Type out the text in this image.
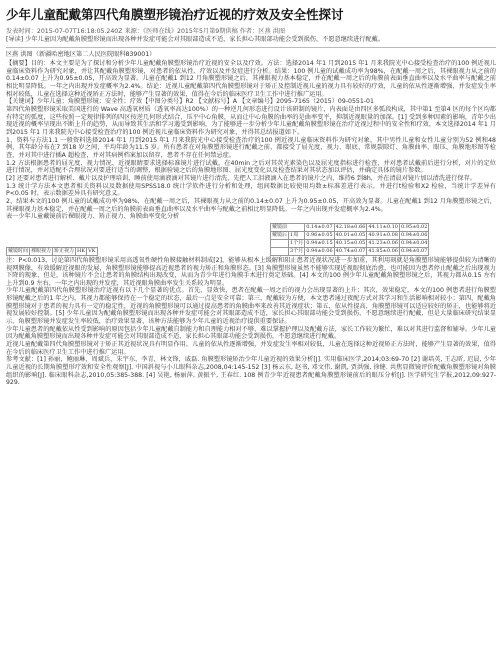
少年儿童配戴第四代角膜塑形镜治疗近视的疗效及安全性探讨

发表时间：2015-07-07T16:18:05.240Z 来源：《医师在线》2015年5月第9期供稿 作者：区燕 洪图

[导读] 少年儿童因为配戴角膜塑形镜而出现各种并发症可能会对其眼部造成不适，家长担心其眼部功能会受到损伤，不愿意继续进行配戴。

区燕 洪图（新疆哈密地区第二人民医院眼科839001）

【摘要】目的：本文主要是为了探讨和分析少年儿童配戴角膜塑形镜治疗近视的安全以及疗效。方法：选择2014 年1 月到2015 年1 月来我院光中心接受检查治疗的100 例近视儿童临床资料作为研究对象，并让其配戴角膜塑形镜，对患者的依从性、疗效以及并发症进行分析。结果：100 例儿童的试戴成功率为98%，在配戴一周之后，其裸眼视力从之前的0.14±0.07 上升为0.95±0.05，开高效为显著。儿童在配戴1 到12 月角膜塑形镜之后，其裸眼视力基本稳定，并在配戴一周之后的角膜前表面垂直曲率以及水平曲率与配戴之前相比明显降低。一年之内出现并发症概率为2.4%。结论：近视儿童配戴第四代角膜塑形镜对于矫正及控制近视儿童的视力具有较好的疗效，儿童的依从性逐渐增强，并发症发生率相对较低，儿童在选择这种近视矫正方法时，能够产生显著的效果，值得在今后的临床医疗卫生工作中进行推广运用。

【关键词】少年儿童；角膜塑形镜；安全性；疗效【中图分类号】R2 【文献标号】A 【文章编号】2095-7165（2015）09-0551-01

第四代角膜塑形镜采取美国进行的 Wave 高透氧材质（透氧率高达100%）的一种逆几何形态进行设计该研制的镜片，内表面是由四区多弧段构成，其中第1 至第4 区的每个区均都有特定的弧度，这些按照一定规律排列的四区按逆几何形式结合，压平中心角膜，从而让中心角膜的曲率的是曲率变平，抑制近视眼量的加深。[1] 受到多种因素的影响，青年少出现近视的概率呈现出不断上升的趋势，从而导致其生活和学习遇受到影响，为了能够进一步分析少年儿童配戴角膜塑形镜在治疗近视过程中的安全性和疗效，本文选择2014 年1 月到2015 年1 月来我院光中心接受检查治疗的100 例近视儿童临床资料作为研究对象，并得其总结报道如下。

1、资料与方法1.1 一般资料选择2014 年1 月到2015 年1 月来我院光中心接受检查治疗的100 例近视儿童临床资料作为研究对象，其中男性儿童和女性儿童分别为52 例和48 例，其年龄分布在7 到18 岁之间，平均年龄为11.5 岁。所有患者在对角膜塑形镜进行配戴之前，都接受了屈光度、视力、眼底、常规裂隙灯、角膜曲率、眼压、角膜地形图等检查，并对其中进行插A 超检查，并对其病例档案加以留存，患者不存在任何禁忌症。

1.2 方法根据患者的屈光度、视力情况、近视眼睛要求选择标准镜片进行试戴，在40min 之后对其荧光素染色以及屈光度指标进行检查，并对患者试戴前后进行分析，对片的定位进行情况，并对适配不合理状况对要进行适当的调整，根据验镜之后的角膜地形图、屈光度变化以及检查结果对其状态加以评估，并确定具体的镜片参数。

[2] 还要对患者进行解析、戴片以及护理培训，睡前使用滴液滴对其镜片进行清洗，先把人工泪液滴入在患者的镜片之内，维持6 到8h，并在清晨对镜片加以清洗进行保存。

1.3 统计学方法本文患者相关资料以及数据使用SPSS18.0 统计学软件进行分析和处理，组间数据比较使用均数±标准差进行表示，并进行t检验和X2 检验，当统计学差异有P<0.05 时，表示数据差异具有研究意义。

2、结果本文的100 例儿童的试戴成功率为98%，在配戴一周之后，其裸眼视力从之前的0.14±0.07 上升为0.95±0.05，开高效为显著。儿童在配戴1 到12 月角膜塑形镜之后，其裸眼视力基本稳定，并在配戴一周之后的角膜前表面垂直曲率以及水平曲率与配戴之前相比明显降低。一年之内出现并发症概率为2.4%。

表一少年儿童戴镜前后裸眼视力、矫正视力、角膜曲率变化分析

戴镜时间	裸眼视力	矫正视力	HK	VK
戴镜前		0.14±0.07	42.18±0.66	44.11±0.10	0.95±0.02
戴镜后	1周	0.96±0.05	40.01±0.05	40.91±0.08	0.94±0.06
	1个月	0.94±0.15	40.15±0.05	41.23±0.06	0.94±0.04
	3个月	0.94±0.06	40.74±0.07	41.85±0.06	0.94±0.07

注：P<0.013、讨论第四代角膜塑形镜采用高透氧性硬性角膜接触材料制成[2]，能够从根本上缓解和阻止患者近视状况进一步加重，其利用刻就是角膜塑形镜能够提供较为清晰的视网膜像，有效缓解近视眼的发展，角膜塑形镜能够提高近视患者的视力矫正和角膜形态。[3] 角膜塑形镜虽然不能够实现近视眼彻底治愈，也可能因为患者停止配戴之后出现视力下降的现象，但是，该种镜片不会让患者的角膜结构出现改变，从而为青少年进行角膜手术进行奠定基础。[4] 本文的100 例少年儿童配戴角膜塑形镜之后，其视力都从0.15 左右上升到0.9 左右，一年之内出现的并发症，其近视眼角膜曲率发生关系较为明显。

少年儿童配戴第四代角膜塑形镜治疗近视有以下几个显著的优点。首先，显效快，患者在配戴一周之后的视力会出现显著的上升；其次，效果稳定，本文的100 例患者进行角膜塑形镜配戴之后的1 年之内，其视力都能够保持在一个稳定的状态，最后一点是安全可靠；第三，配戴较为方便，本文患者通过夜配方式对其学习和生活影响相对较小；第四，配戴角膜塑形镜对于患者的视力具有一定的稳定性，近视的角膜塑形镜可以通过提高患者的角膜曲率来改善其近视症状；第五，依从性提高，角膜塑形镜可以适应较好的矫正，也能够将近视发展较好控制。[5] 少年儿童因为配戴角膜塑形镜而出现各种并发症可能会对其眼部造成不适，家长担心其眼部功能会受到损伤，不愿意继续进行配戴，但是大量临床研究结果显示，角膜塑形镜并发症发生率较低，治疗效果显著，该种方法能够为少年儿童的近视治疗提供重要保证。

少年儿童患者的配戴依从性受到影响的原因包括少年儿童配戴自制能力和自理能力相对不够，难以掌握护理以及配戴方法，家长工作较为繁忙，难以对其进行监督和辅导。少年儿童因为配戴角膜塑形镜而出现各种并发症可能会对其眼部造成不适，家长担心其眼部功能会受到损伤，不愿意继续进行配戴。

近视儿童配戴第四代角膜塑形镜对于矫正其近视状况具有明显作用，儿童的依从性逐渐增强，并发症发生率相对较低，儿童在选择这种近视矫正方法时，能够产生显著的效果，值得在今后的临床医疗卫生工作中进行推广运用。

参考文献：[1] 孙丽，鲍丽琳，周斌兵，朱宇东，李青，林文锋，戚磊. 角膜塑形镜矫治少年儿童近视的效果分析[J]. 实用临床医学,2014;03:69-70 [2] 谢培英, 王志昕, 迟晨, 少年儿童近视的长期角膜塑形疗效和安全性观察[J]. 中国斜视与小儿眼科杂志,2008,04:145-152 [3] 杨云东, 赵书, 邓文伟, 谢凯, 贾洪强, 徐健. 共焦显微镜评价配戴角膜塑形镜对角膜组织的影响[J]. 临床眼科杂志,2010,05:385-388. [4] 吴艳, 杨丽萍, 黄振平, 王春红. 108 例青少年近视患者配戴角膜塑形镜前后的眼压分析[J]. 医学研究生学报,2012,09:927-929.
